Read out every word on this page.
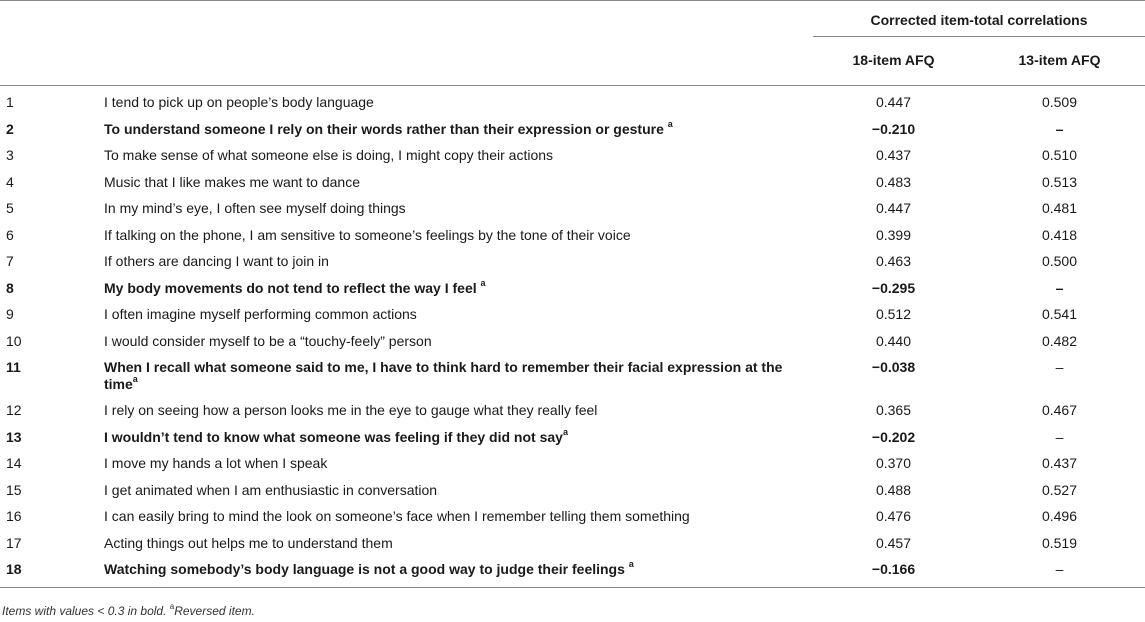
		Corrected item-total correlations	
		18-item AFQ	13-item AFQ
1	I tend to pick up on people’s body language	0.447	0.509
2	To understand someone I rely on their words rather than their expression or gesture $^a$	−0.210	–
3	To make sense of what someone else is doing, I might copy their actions	0.437	0.510
4	Music that I like makes me want to dance	0.483	0.513
5	In my mind’s eye, I often see myself doing things	0.447	0.481
6	If talking on the phone, I am sensitive to someone’s feelings by the tone of their voice	0.399	0.418
7	If others are dancing I want to join in	0.463	0.500
8	My body movements do not tend to reflect the way I feel $^a$	−0.295	–
9	I often imagine myself performing common actions	0.512	0.541
10	I would consider myself to be a “touchy-feely” person	0.440	0.482
11	When I recall what someone said to me, I have to think hard to remember their facial expression at the time$^a$	−0.038	–
12	I rely on seeing how a person looks me in the eye to gauge what they really feel	0.365	0.467
13	I wouldn’t tend to know what someone was feeling if they did not say$^a$	−0.202	–
14	I move my hands a lot when I speak	0.370	0.437
15	I get animated when I am enthusiastic in conversation	0.488	0.527
16	I can easily bring to mind the look on someone’s face when I remember telling them something	0.476	0.496
17	Acting things out helps me to understand them	0.457	0.519
18	Watching somebody’s body language is not a good way to judge their feelings $^a$	−0.166	–

Items with values < 0.3 in bold. $^a$Reversed item.
